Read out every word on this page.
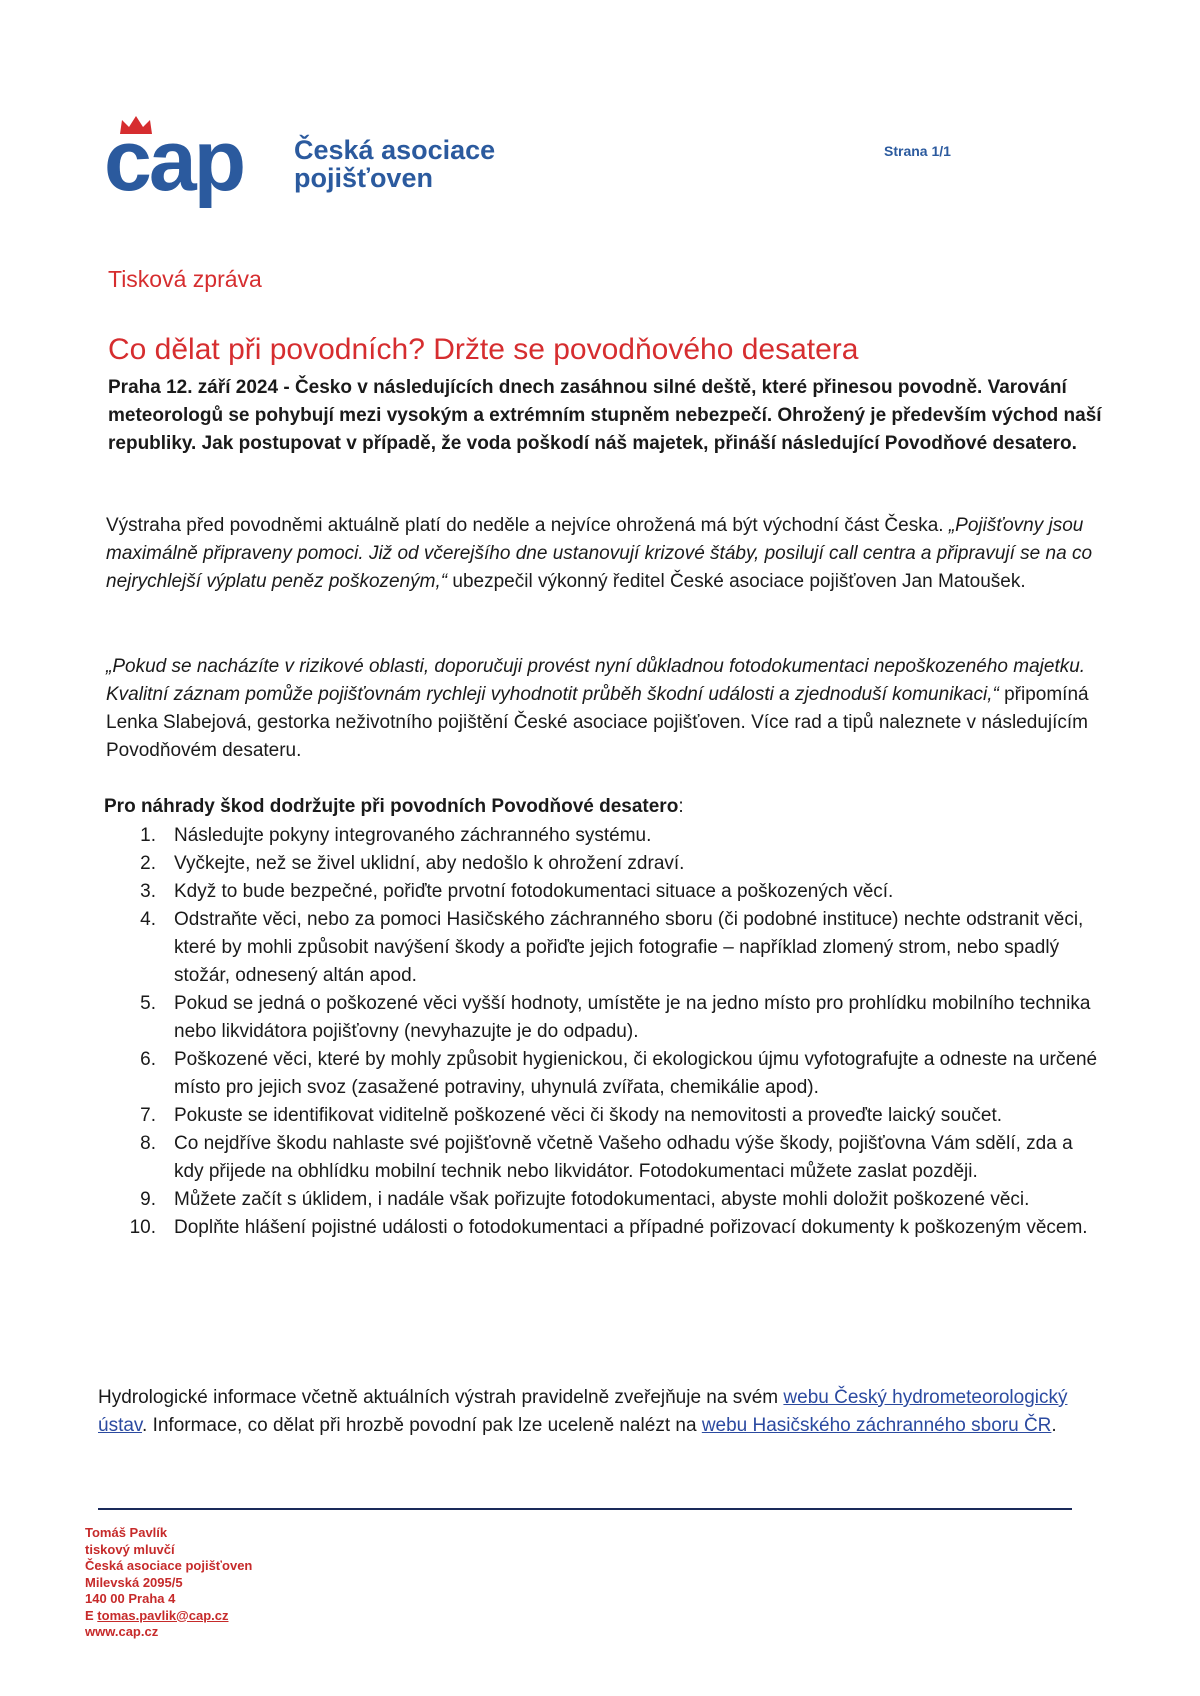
cap Česká asociace
pojišťoven
Strana 1/1
Tisková zpráva
Co dělat při povodních? Držte se povodňového desatera
Praha 12. září 2024 - Česko v následujících dnech zasáhnou silné deště, které přinesou povodně. Varování meteorologů se pohybují mezi vysokým a extrémním stupněm nebezpečí. Ohrožený je především východ naší republiky. Jak postupovat v případě, že voda poškodí náš majetek, přináší následující Povodňové desatero.
Výstraha před povodněmi aktuálně platí do neděle a nejvíce ohrožená má být východní část Česka. „Pojišťovny jsou maximálně připraveny pomoci. Již od včerejšího dne ustanovují krizové štáby, posilují call centra a připravují se na co nejrychlejší výplatu peněz poškozeným,“ ubezpečil výkonný ředitel České asociace pojišťoven Jan Matoušek.
„Pokud se nacházíte v rizikové oblasti, doporučuji provést nyní důkladnou fotodokumentaci nepoškozeného majetku. Kvalitní záznam pomůže pojišťovnám rychleji vyhodnotit průběh škodní události a zjednoduší komunikaci,“ připomíná Lenka Slabejová, gestorka neživotního pojištění České asociace pojišťoven. Více rad a tipů naleznete v následujícím Povodňovém desateru.
Pro náhrady škod dodržujte při povodních Povodňové desatero:
1. Následujte pokyny integrovaného záchranného systému.
2. Vyčkejte, než se živel uklidní, aby nedošlo k ohrožení zdraví.
3. Když to bude bezpečné, pořiďte prvotní fotodokumentaci situace a poškozených věcí.
4. Odstraňte věci, nebo za pomoci Hasičského záchranného sboru (či podobné instituce) nechte odstranit věci, které by mohli způsobit navýšení škody a pořiďte jejich fotografie – například zlomený strom, nebo spadlý stožár, odnesený altán apod.
5. Pokud se jedná o poškozené věci vyšší hodnoty, umístěte je na jedno místo pro prohlídku mobilního technika nebo likvidátora pojišťovny (nevyhazujte je do odpadu).
6. Poškozené věci, které by mohly způsobit hygienickou, či ekologickou újmu vyfotografujte a odneste na určené místo pro jejich svoz (zasažené potraviny, uhynulá zvířata, chemikálie apod).
7. Pokuste se identifikovat viditelně poškozené věci či škody na nemovitosti a proveďte laický součet.
8. Co nejdříve škodu nahlaste své pojišťovně včetně Vašeho odhadu výše škody, pojišťovna Vám sdělí, zda a kdy přijede na obhlídku mobilní technik nebo likvidátor. Fotodokumentaci můžete zaslat později.
9. Můžete začít s úklidem, i nadále však pořizujte fotodokumentaci, abyste mohli doložit poškozené věci.
10. Doplňte hlášení pojistné události o fotodokumentaci a případné pořizovací dokumenty k poškozeným věcem.
Hydrologické informace včetně aktuálních výstrah pravidelně zveřejňuje na svém webu Český hydrometeorologický ústav. Informace, co dělat při hrozbě povodní pak lze uceleně nalézt na webu Hasičského záchranného sboru ČR.
Tomáš Pavlík
tiskový mluvčí
Česká asociace pojišťoven
Milevská 2095/5
140 00 Praha 4
E tomas.pavlik@cap.cz
www.cap.cz
